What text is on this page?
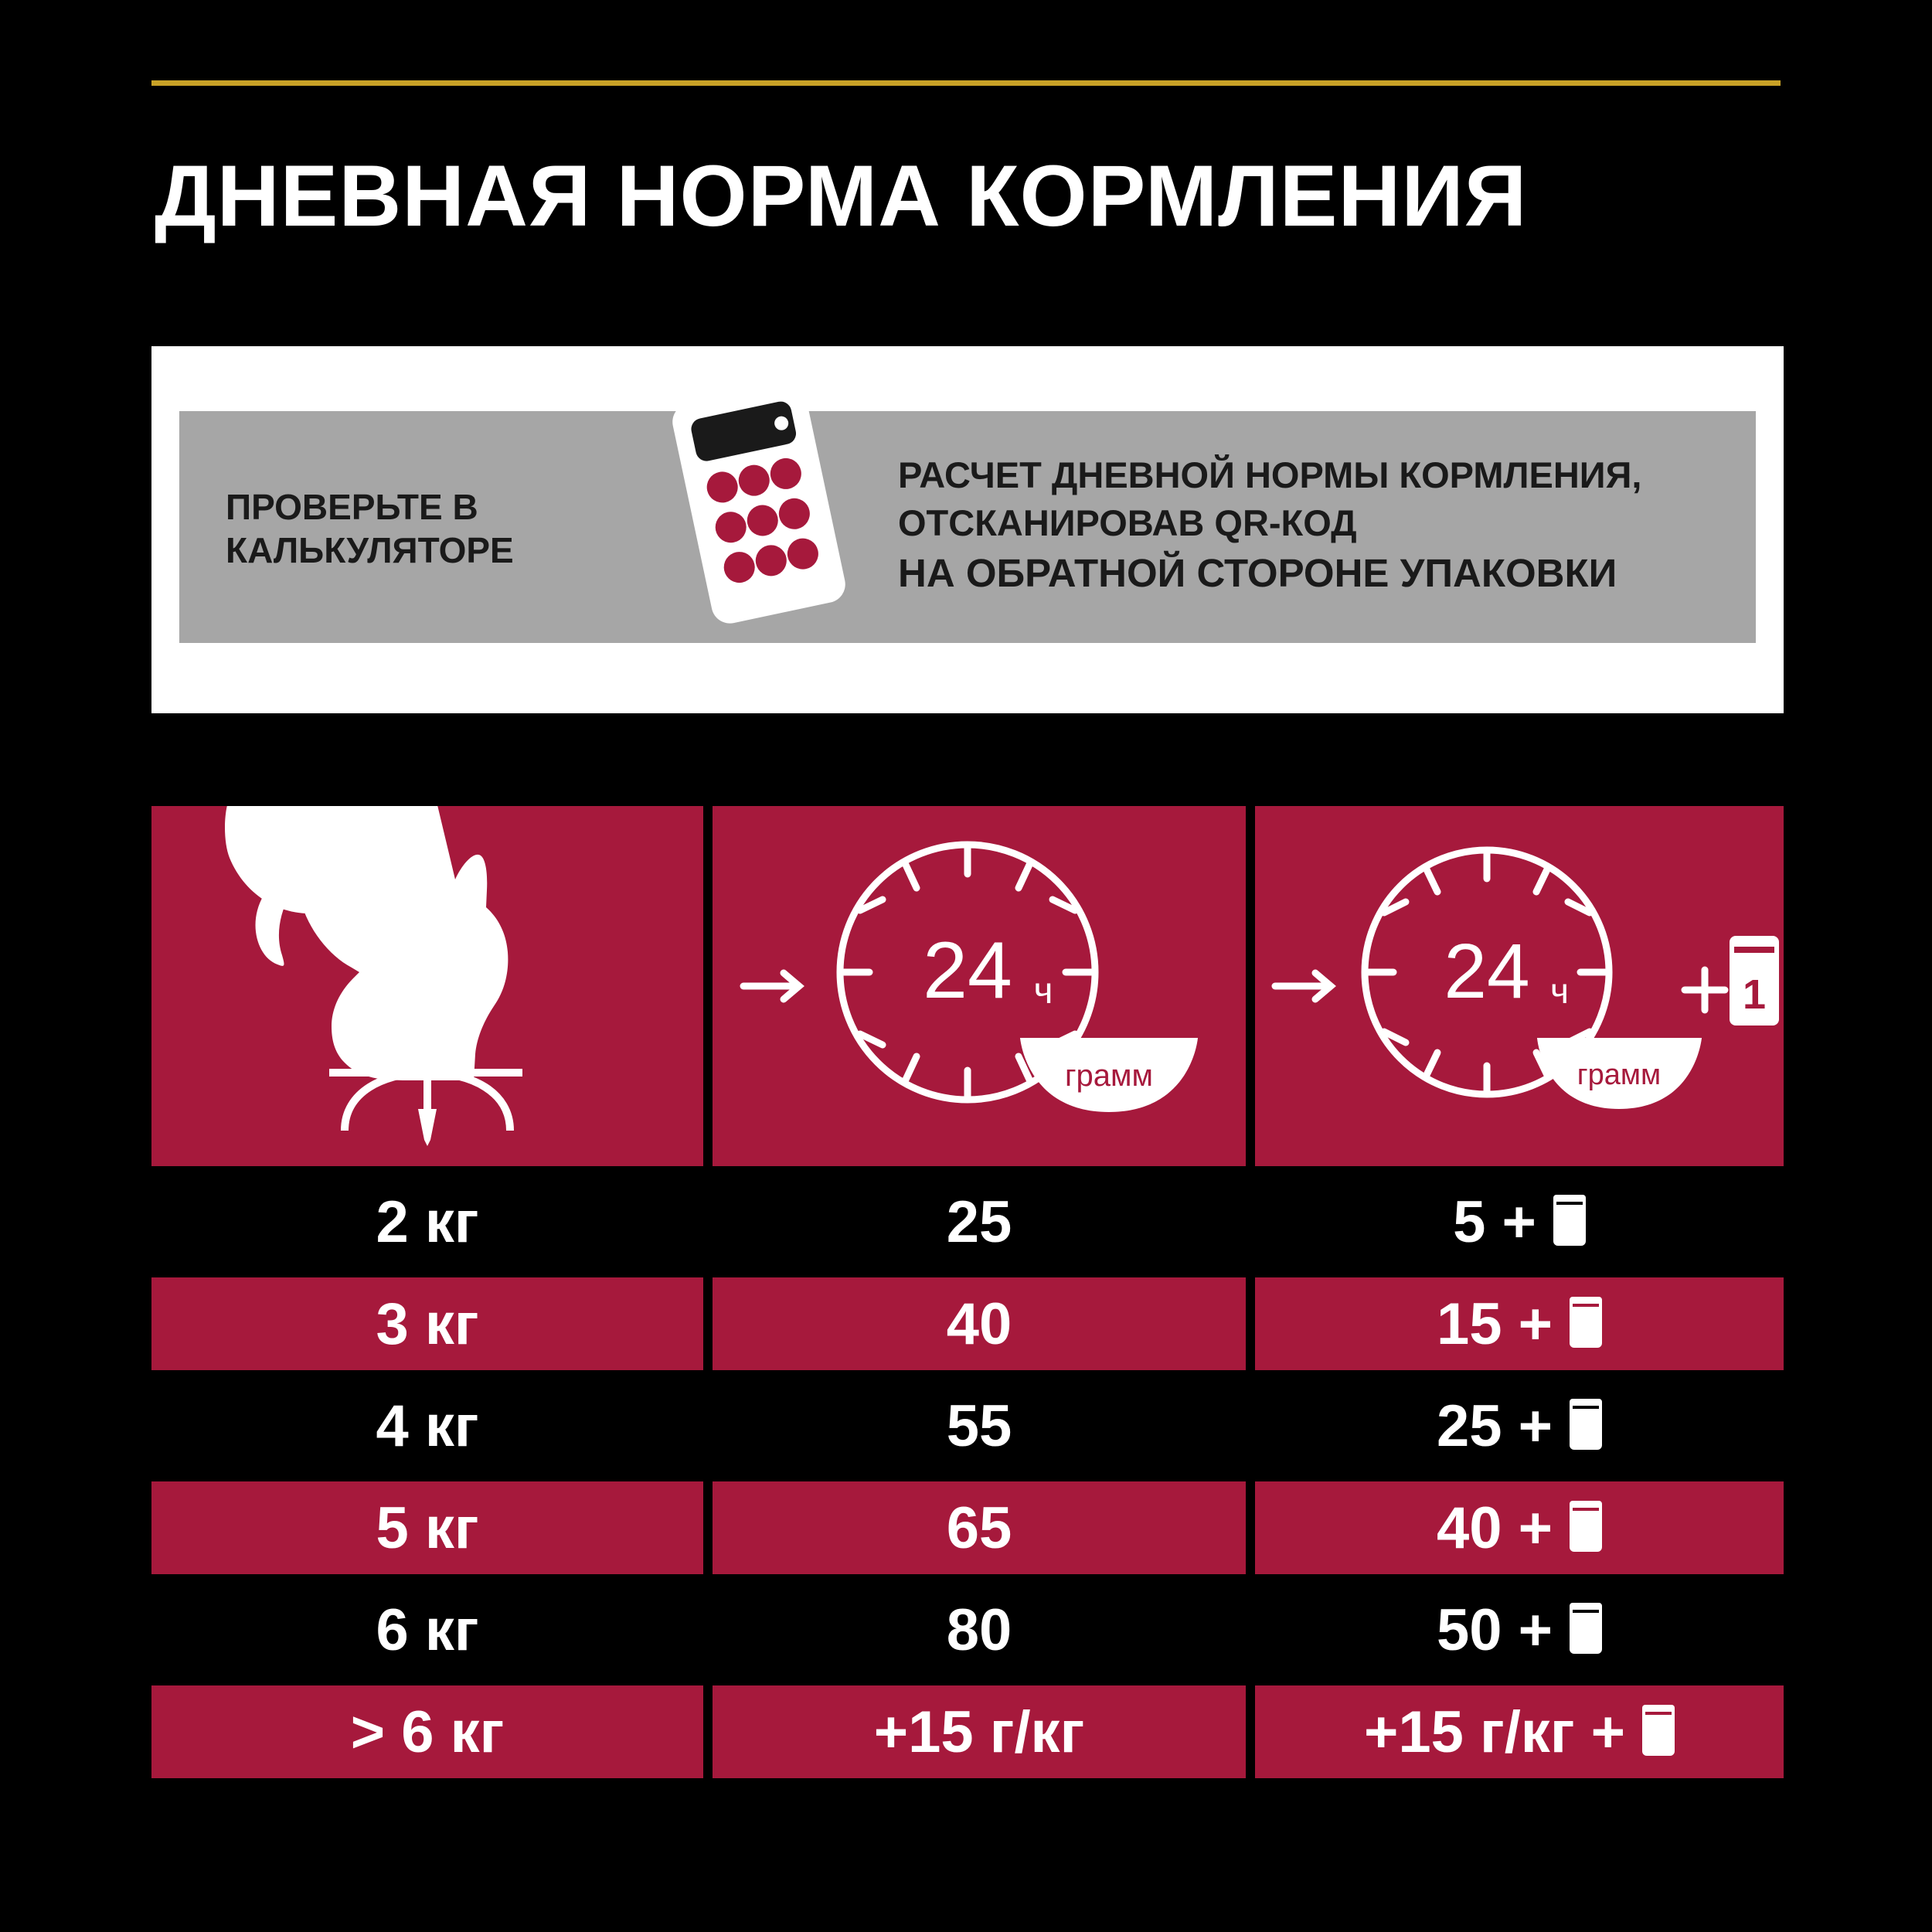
ДНЕВНАЯ НОРМА КОРМЛЕНИЯ
ПРОВЕРЬТЕ В КАЛЬКУЛЯТОРЕ
РАСЧЕТ ДНЕВНОЙ НОРМЫ КОРМЛЕНИЯ,
ОТСКАНИРОВАВ QR-КОД
НА ОБРАТНОЙ СТОРОНЕ УПАКОВКИ
24 ч
грамм
24 ч
грамм
1
2 кг	25	5 +
3 кг	40	15 +
4 кг	55	25 +
5 кг	65	40 +
6 кг	80	50 +
> 6 кг	+15 г/кг	+15 г/кг +
